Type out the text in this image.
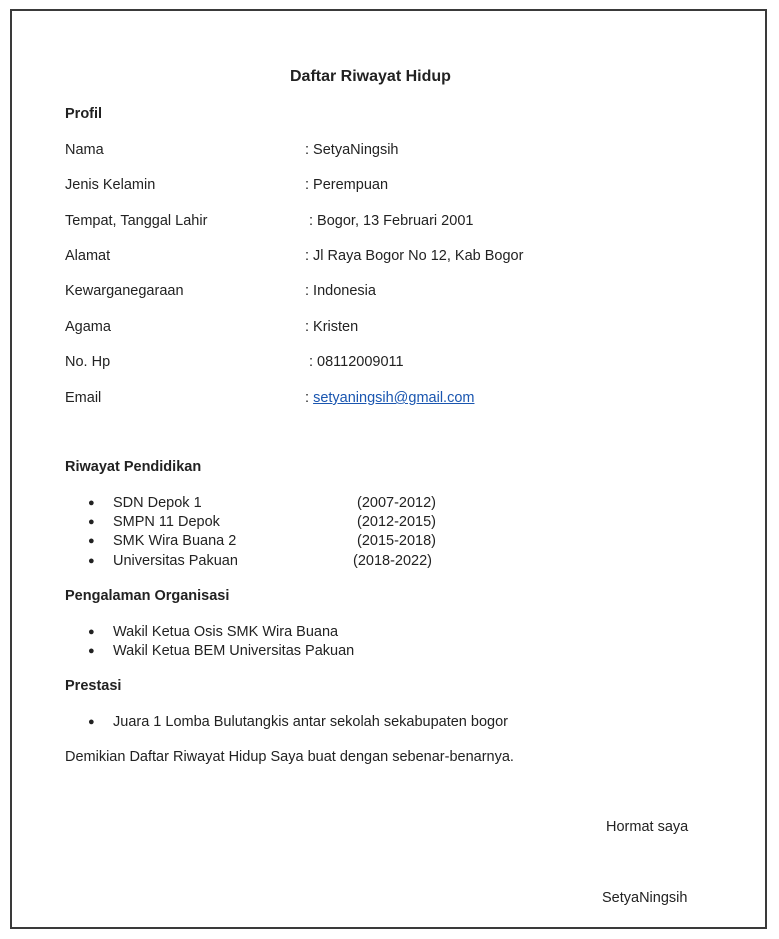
Daftar Riwayat Hidup
Profil
Nama	: SetyaNingsih
Jenis Kelamin	: Perempuan
Tempat, Tanggal Lahir	: Bogor, 13 Februari 2001
Alamat	: Jl Raya Bogor No 12, Kab Bogor
Kewarganegaraan	: Indonesia
Agama	: Kristen
No. Hp	: 08112009011
Email	: setyaningsih@gmail.com
Riwayat Pendidikan
● SDN Depok 1	(2007-2012)
● SMPN 11 Depok	(2012-2015)
● SMK Wira Buana 2	(2015-2018)
● Universitas Pakuan	(2018-2022)
Pengalaman Organisasi
● Wakil Ketua Osis SMK Wira Buana
● Wakil Ketua BEM Universitas Pakuan
Prestasi
● Juara 1 Lomba Bulutangkis antar sekolah sekabupaten bogor
Demikian Daftar Riwayat Hidup Saya buat dengan sebenar-benarnya.
Hormat saya
SetyaNingsih
